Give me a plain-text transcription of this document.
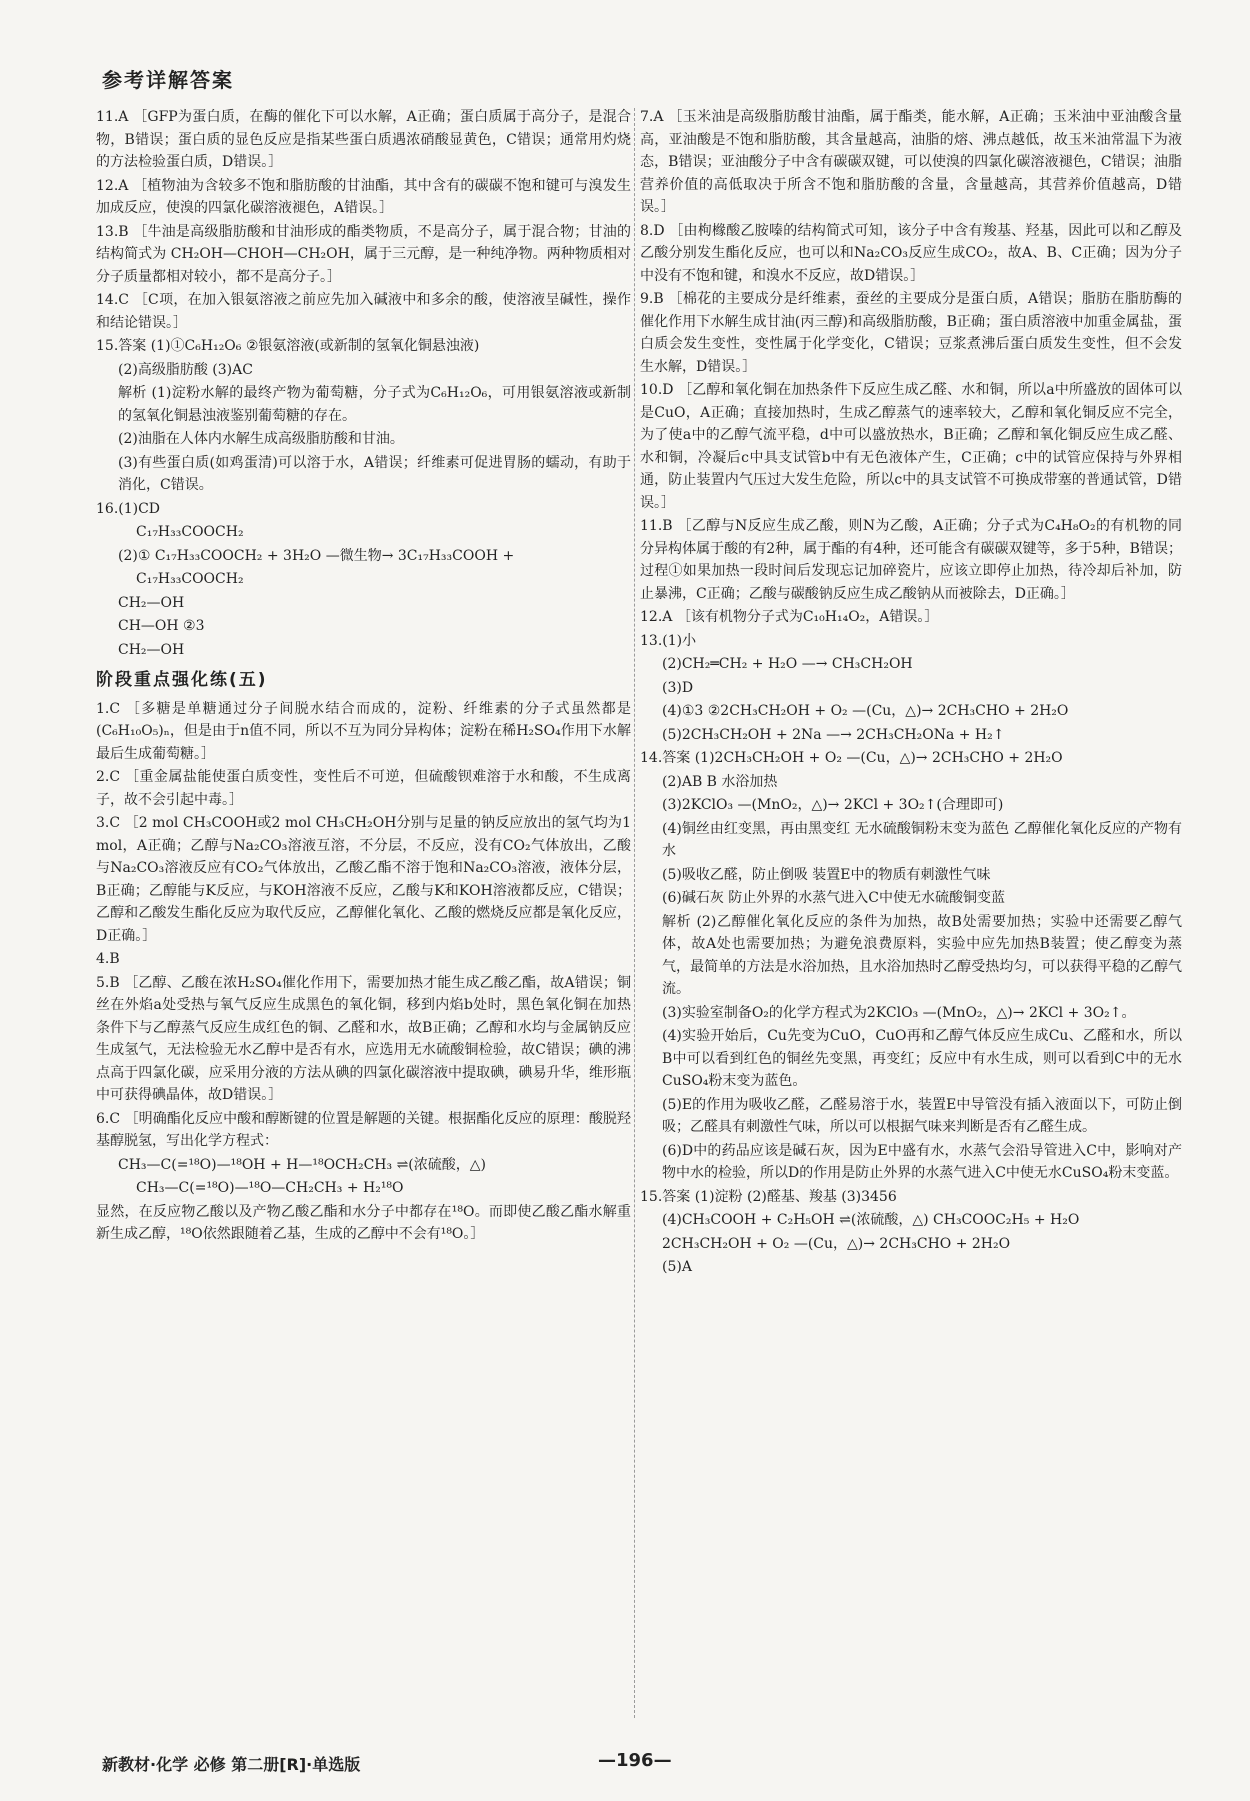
参考详解答案

11.A ［GFP为蛋白质，在酶的催化下可以水解，A正确；蛋白质属于高分子，是混合物，B错误；蛋白质的显色反应是指某些蛋白质遇浓硝酸显黄色，C错误；通常用灼烧的方法检验蛋白质，D错误。］

12.A ［植物油为含较多不饱和脂肪酸的甘油酯，其中含有的碳碳不饱和键可与溴发生加成反应，使溴的四氯化碳溶液褪色，A错误。］

13.B ［牛油是高级脂肪酸和甘油形成的酯类物质，不是高分子，属于混合物；甘油的结构简式为 CH₂OH—CHOH—CH₂OH，属于三元醇，是一种纯净物。两种物质相对分子质量都相对较小，都不是高分子。］

14.C ［C项，在加入银氨溶液之前应先加入碱液中和多余的酸，使溶液呈碱性，操作和结论错误。］

15.答案 (1)①C₆H₁₂O₆ ②银氨溶液(或新制的氢氧化铜悬浊液)

(2)高级脂肪酸 (3)AC

解析 (1)淀粉水解的最终产物为葡萄糖，分子式为C₆H₁₂O₆，可用银氨溶液或新制的氢氧化铜悬浊液鉴别葡萄糖的存在。

(2)油脂在人体内水解生成高级脂肪酸和甘油。

(3)有些蛋白质(如鸡蛋清)可以溶于水，A错误；纤维素可促进胃肠的蠕动，有助于消化，C错误。

16.(1)CD

C₁₇H₃₃COOCH₂

(2)① C₁₇H₃₃COOCH₂ + 3H₂O —微生物→ 3C₁₇H₃₃COOH +

C₁₇H₃₃COOCH₂

CH₂—OH

CH—OH ②3

CH₂—OH

阶段重点强化练(五)

1.C ［多糖是单糖通过分子间脱水结合而成的，淀粉、纤维素的分子式虽然都是(C₆H₁₀O₅)ₙ，但是由于n值不同，所以不互为同分异构体；淀粉在稀H₂SO₄作用下水解最后生成葡萄糖。］

2.C ［重金属盐能使蛋白质变性，变性后不可逆，但硫酸钡难溶于水和酸，不生成离子，故不会引起中毒。］

3.C ［2 mol CH₃COOH或2 mol CH₃CH₂OH分别与足量的钠反应放出的氢气均为1 mol，A正确；乙醇与Na₂CO₃溶液互溶，不分层，不反应，没有CO₂气体放出，乙酸与Na₂CO₃溶液反应有CO₂气体放出，乙酸乙酯不溶于饱和Na₂CO₃溶液，液体分层，B正确；乙醇能与K反应，与KOH溶液不反应，乙酸与K和KOH溶液都反应，C错误；乙醇和乙酸发生酯化反应为取代反应，乙醇催化氧化、乙酸的燃烧反应都是氧化反应，D正确。］

4.B

5.B ［乙醇、乙酸在浓H₂SO₄催化作用下，需要加热才能生成乙酸乙酯，故A错误；铜丝在外焰a处受热与氧气反应生成黑色的氧化铜，移到内焰b处时，黑色氧化铜在加热条件下与乙醇蒸气反应生成红色的铜、乙醛和水，故B正确；乙醇和水均与金属钠反应生成氢气，无法检验无水乙醇中是否有水，应选用无水硫酸铜检验，故C错误；碘的沸点高于四氯化碳，应采用分液的方法从碘的四氯化碳溶液中提取碘，碘易升华，维形瓶中可获得碘晶体，故D错误。］

6.C ［明确酯化反应中酸和醇断键的位置是解题的关键。根据酯化反应的原理：酸脱羟基醇脱氢，写出化学方程式：

CH₃—C(=¹⁸O)—¹⁸OH + H—¹⁸OCH₂CH₃ ⇌(浓硫酸，△)

CH₃—C(=¹⁸O)—¹⁸O—CH₂CH₃ + H₂¹⁸O

显然，在反应物乙酸以及产物乙酸乙酯和水分子中都存在¹⁸O。而即使乙酸乙酯水解重新生成乙醇，¹⁸O依然跟随着乙基，生成的乙醇中不会有¹⁸O。］

7.A ［玉米油是高级脂肪酸甘油酯，属于酯类，能水解，A正确；玉米油中亚油酸含量高，亚油酸是不饱和脂肪酸，其含量越高，油脂的熔、沸点越低，故玉米油常温下为液态，B错误；亚油酸分子中含有碳碳双键，可以使溴的四氯化碳溶液褪色，C错误；油脂营养价值的高低取决于所含不饱和脂肪酸的含量，含量越高，其营养价值越高，D错误。］

8.D ［由枸橼酸乙胺嗪的结构简式可知，该分子中含有羧基、羟基，因此可以和乙醇及乙酸分别发生酯化反应，也可以和Na₂CO₃反应生成CO₂，故A、B、C正确；因为分子中没有不饱和键，和溴水不反应，故D错误。］

9.B ［棉花的主要成分是纤维素，蚕丝的主要成分是蛋白质，A错误；脂肪在脂肪酶的催化作用下水解生成甘油(丙三醇)和高级脂肪酸，B正确；蛋白质溶液中加重金属盐，蛋白质会发生变性，变性属于化学变化，C错误；豆浆煮沸后蛋白质发生变性，但不会发生水解，D错误。］

10.D ［乙醇和氧化铜在加热条件下反应生成乙醛、水和铜，所以a中所盛放的固体可以是CuO，A正确；直接加热时，生成乙醇蒸气的速率较大，乙醇和氧化铜反应不完全，为了使a中的乙醇气流平稳，d中可以盛放热水，B正确；乙醇和氧化铜反应生成乙醛、水和铜，冷凝后c中具支试管b中有无色液体产生，C正确；c中的试管应保持与外界相通，防止装置内气压过大发生危险，所以c中的具支试管不可换成带塞的普通试管，D错误。］

11.B ［乙醇与N反应生成乙酸，则N为乙酸，A正确；分子式为C₄H₈O₂的有机物的同分异构体属于酸的有2种，属于酯的有4种，还可能含有碳碳双键等，多于5种，B错误；过程①如果加热一段时间后发现忘记加碎瓷片，应该立即停止加热，待冷却后补加，防止暴沸，C正确；乙酸与碳酸钠反应生成乙酸钠从而被除去，D正确。］

12.A ［该有机物分子式为C₁₀H₁₄O₂，A错误。］

13.(1)小

(2)CH₂═CH₂ + H₂O —→ CH₃CH₂OH

(3)D

(4)①3 ②2CH₃CH₂OH + O₂ —(Cu，△)→ 2CH₃CHO + 2H₂O

(5)2CH₃CH₂OH + 2Na —→ 2CH₃CH₂ONa + H₂↑

14.答案 (1)2CH₃CH₂OH + O₂ —(Cu，△)→ 2CH₃CHO + 2H₂O

(2)AB B 水浴加热

(3)2KClO₃ —(MnO₂，△)→ 2KCl + 3O₂↑(合理即可)

(4)铜丝由红变黑，再由黑变红 无水硫酸铜粉末变为蓝色 乙醇催化氧化反应的产物有水

(5)吸收乙醛，防止倒吸 装置E中的物质有刺激性气味

(6)碱石灰 防止外界的水蒸气进入C中使无水硫酸铜变蓝

解析 (2)乙醇催化氧化反应的条件为加热，故B处需要加热；实验中还需要乙醇气体，故A处也需要加热；为避免浪费原料，实验中应先加热B装置；使乙醇变为蒸气，最简单的方法是水浴加热，且水浴加热时乙醇受热均匀，可以获得平稳的乙醇气流。

(3)实验室制备O₂的化学方程式为2KClO₃ —(MnO₂，△)→ 2KCl + 3O₂↑。

(4)实验开始后，Cu先变为CuO，CuO再和乙醇气体反应生成Cu、乙醛和水，所以B中可以看到红色的铜丝先变黑，再变红；反应中有水生成，则可以看到C中的无水CuSO₄粉末变为蓝色。

(5)E的作用为吸收乙醛，乙醛易溶于水，装置E中导管没有插入液面以下，可防止倒吸；乙醛具有刺激性气味，所以可以根据气味来判断是否有乙醛生成。

(6)D中的药品应该是碱石灰，因为E中盛有水，水蒸气会沿导管进入C中，影响对产物中水的检验，所以D的作用是防止外界的水蒸气进入C中使无水CuSO₄粉末变蓝。

15.答案 (1)淀粉 (2)醛基、羧基 (3)3456

(4)CH₃COOH + C₂H₅OH ⇌(浓硫酸，△) CH₃COOC₂H₅ + H₂O

2CH₃CH₂OH + O₂ —(Cu，△)→ 2CH₃CHO + 2H₂O

(5)A

新教材·化学 必修 第二册[R]·单选版	—196—
